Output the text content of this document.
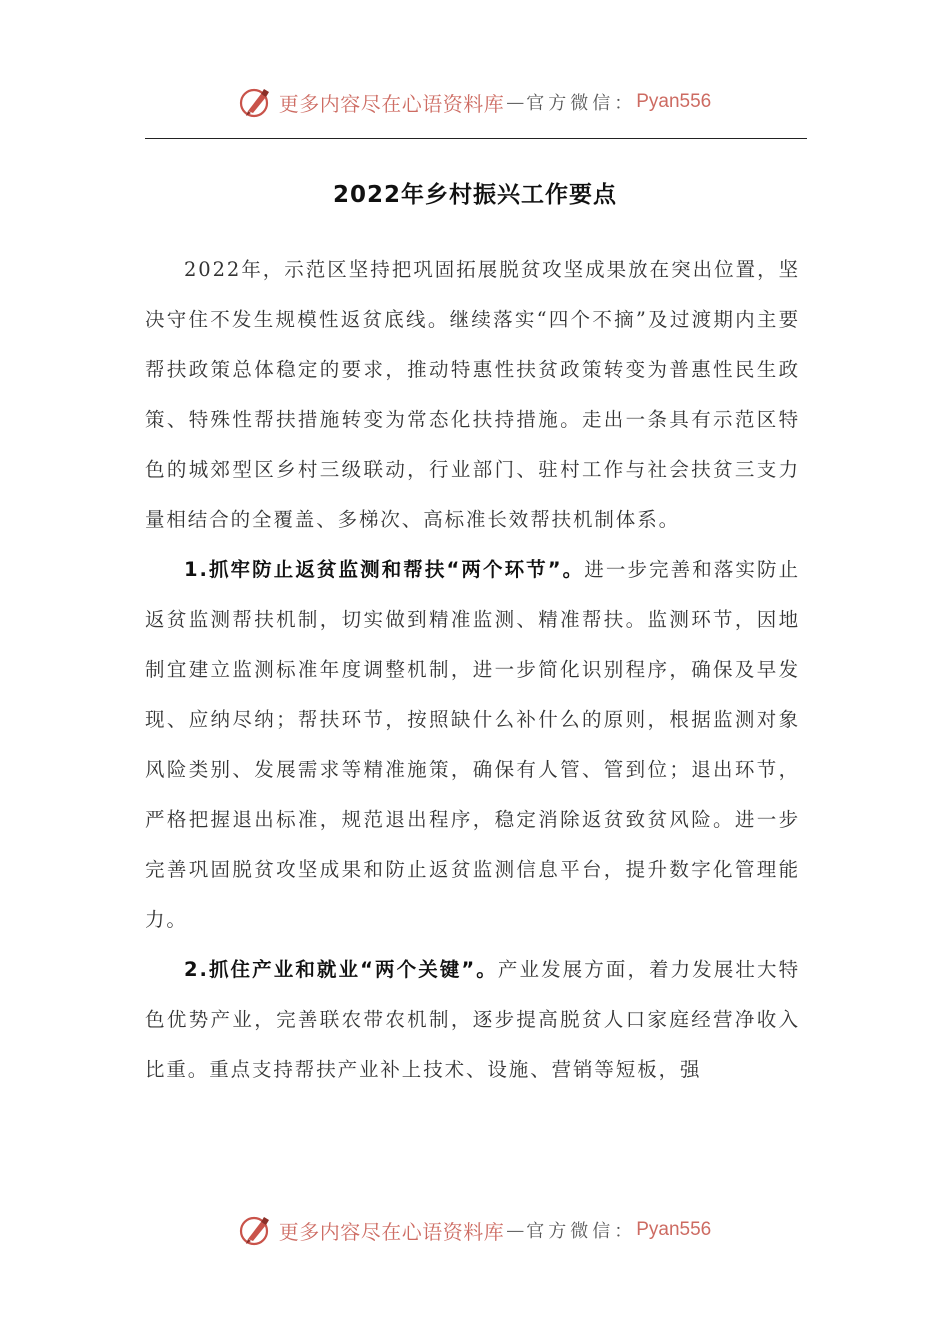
更多内容尽在心语资料库 — 官方微信： Pyan556
2022年乡村振兴工作要点

2022年，示范区坚持把巩固拓展脱贫攻坚成果放在突出位置，坚决守住不发生规模性返贫底线。继续落实“四个不摘”及过渡期内主要帮扶政策总体稳定的要求，推动特惠性扶贫政策转变为普惠性民生政策、特殊性帮扶措施转变为常态化扶持措施。走出一条具有示范区特色的城郊型区乡村三级联动，行业部门、驻村工作与社会扶贫三支力量相结合的全覆盖、多梯次、高标准长效帮扶机制体系。

1.抓牢防止返贫监测和帮扶“两个环节”。进一步完善和落实防止返贫监测帮扶机制，切实做到精准监测、精准帮扶。监测环节，因地制宜建立监测标准年度调整机制，进一步简化识别程序，确保及早发现、应纳尽纳；帮扶环节，按照缺什么补什么的原则，根据监测对象风险类别、发展需求等精准施策，确保有人管、管到位；退出环节，严格把握退出标准，规范退出程序，稳定消除返贫致贫风险。进一步完善巩固脱贫攻坚成果和防止返贫监测信息平台，提升数字化管理能力。

2.抓住产业和就业“两个关键”。产业发展方面，着力发展壮大特色优势产业，完善联农带农机制，逐步提高脱贫人口家庭经营净收入比重。重点支持帮扶产业补上技术、设施、营销等短板，强

更多内容尽在心语资料库 — 官方微信： Pyan556
